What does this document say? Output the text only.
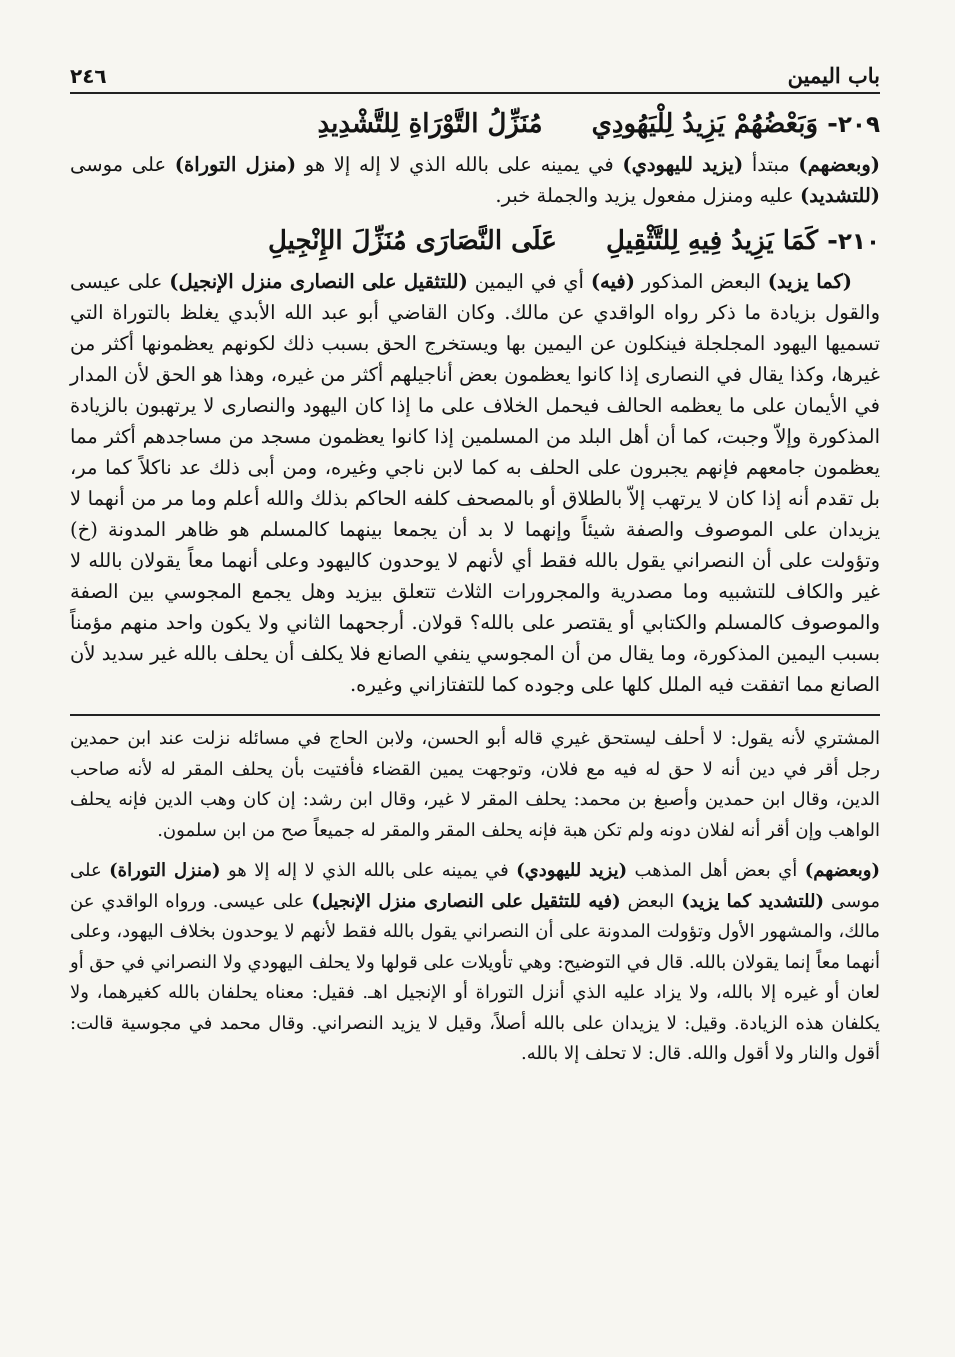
باب اليمين
٢٤٦
٢٠٩- وَبَعْضُهُمْ يَزِيدُ لِلْيَهُودِي مُنَزِّلُ التَّوْرَاةِ لِلتَّشْدِيدِ

(وبعضهم) مبتدأ (يزيد لليهودي) في يمينه على بالله الذي لا إله إلا هو (منزل التوراة) على موسى (للتشديد) عليه ومنزل مفعول يزيد والجملة خبر.

٢١٠- كَمَا يَزِيدُ فِيهِ لِلتَّثْقِيلِ عَلَى النَّصَارَى مُنَزِّلَ الإِنْجِيلِ

(كما يزيد) البعض المذكور (فيه) أي في اليمين (للتثقيل على النصارى منزل الإنجيل) على عيسى والقول بزيادة ما ذكر رواه الواقدي عن مالك. وكان القاضي أبو عبد الله الأبدي يغلظ بالتوراة التي تسميها اليهود المجلجلة فينكلون عن اليمين بها ويستخرج الحق بسبب ذلك لكونهم يعظمونها أكثر من غيرها، وكذا يقال في النصارى إذا كانوا يعظمون بعض أناجيلهم أكثر من غيره، وهذا هو الحق لأن المدار في الأيمان على ما يعظمه الحالف فيحمل الخلاف على ما إذا كان اليهود والنصارى لا يرتهبون بالزيادة المذكورة وإلاّ وجبت، كما أن أهل البلد من المسلمين إذا كانوا يعظمون مسجد من مساجدهم أكثر مما يعظمون جامعهم فإنهم يجبرون على الحلف به كما لابن ناجي وغيره، ومن أبى ذلك عد ناكلاً كما مر، بل تقدم أنه إذا كان لا يرتهب إلاّ بالطلاق أو بالمصحف كلفه الحاكم بذلك والله أعلم وما مر من أنهما لا يزيدان على الموصوف والصفة شيئاً وإنهما لا بد أن يجمعا بينهما كالمسلم هو ظاهر المدونة (خ) وتؤولت على أن النصراني يقول بالله فقط أي لأنهم لا يوحدون كاليهود وعلى أنهما معاً يقولان بالله لا غير والكاف للتشبيه وما مصدرية والمجرورات الثلاث تتعلق بيزيد وهل يجمع المجوسي بين الصفة والموصوف كالمسلم والكتابي أو يقتصر على بالله؟ قولان. أرجحهما الثاني ولا يكون واحد منهم مؤمناً بسبب اليمين المذكورة، وما يقال من أن المجوسي ينفي الصانع فلا يكلف أن يحلف بالله غير سديد لأن الصانع مما اتفقت فيه الملل كلها على وجوده كما للتفتازاني وغيره.

المشتري لأنه يقول: لا أحلف ليستحق غيري قاله أبو الحسن، ولابن الحاج في مسائله نزلت عند ابن حمدين رجل أقر في دين أنه لا حق له فيه مع فلان، وتوجهت يمين القضاء فأفتيت بأن يحلف المقر له لأنه صاحب الدين، وقال ابن حمدين وأصبغ بن محمد: يحلف المقر لا غير، وقال ابن رشد: إن كان وهب الدين فإنه يحلف الواهب وإن أقر أنه لفلان دونه ولم تكن هبة فإنه يحلف المقر والمقر له جميعاً صح من ابن سلمون.

(وبعضهم) أي بعض أهل المذهب (يزيد لليهودي) في يمينه على بالله الذي لا إله إلا هو (منزل التوراة) على موسى (للتشديد كما يزيد) البعض (فيه للتثقيل على النصارى منزل الإنجيل) على عيسى. ورواه الواقدي عن مالك، والمشهور الأول وتؤولت المدونة على أن النصراني يقول بالله فقط لأنهم لا يوحدون بخلاف اليهود، وعلى أنهما معاً إنما يقولان بالله. قال في التوضيح: وهي تأويلات على قولها ولا يحلف اليهودي ولا النصراني في حق أو لعان أو غيره إلا بالله، ولا يزاد عليه الذي أنزل التوراة أو الإنجيل اهـ. فقيل: معناه يحلفان بالله كغيرهما، ولا يكلفان هذه الزيادة. وقيل: لا يزيدان على بالله أصلاً، وقيل لا يزيد النصراني. وقال محمد في مجوسية قالت: أقول والنار ولا أقول والله. قال: لا تحلف إلا بالله.
